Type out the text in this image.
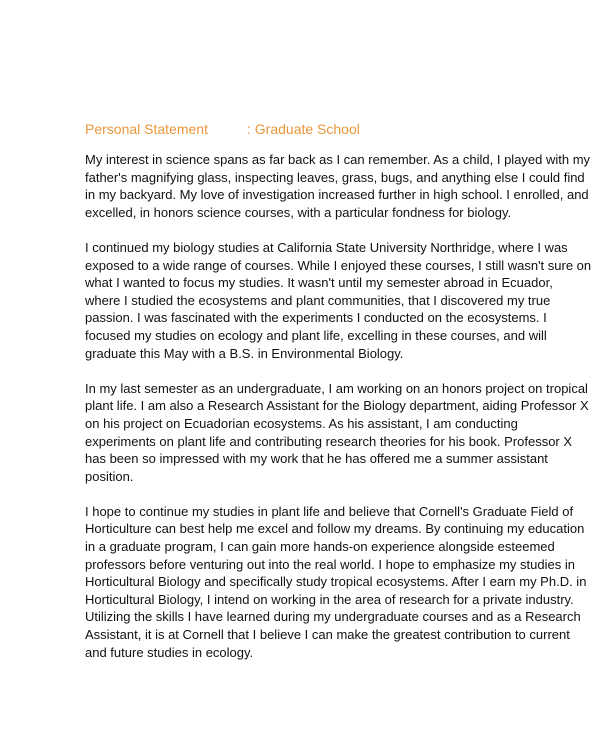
Personal Statement	: Graduate School

My interest in science spans as far back as I can remember. As a child, I played with my
father's magnifying glass, inspecting leaves, grass, bugs, and anything else I could find
in my backyard. My love of investigation increased further in high school. I enrolled, and
excelled, in honors science courses, with a particular fondness for biology.

I continued my biology studies at California State University Northridge, where I was
exposed to a wide range of courses. While I enjoyed these courses, I still wasn't sure on
what I wanted to focus my studies. It wasn't until my semester abroad in Ecuador,
where I studied the ecosystems and plant communities, that I discovered my true
passion. I was fascinated with the experiments I conducted on the ecosystems. I
focused my studies on ecology and plant life, excelling in these courses, and will
graduate this May with a B.S. in Environmental Biology.

In my last semester as an undergraduate, I am working on an honors project on tropical
plant life. I am also a Research Assistant for the Biology department, aiding Professor X
on his project on Ecuadorian ecosystems. As his assistant, I am conducting
experiments on plant life and contributing research theories for his book. Professor X
has been so impressed with my work that he has offered me a summer assistant
position.

I hope to continue my studies in plant life and believe that Cornell's Graduate Field of
Horticulture can best help me excel and follow my dreams. By continuing my education
in a graduate program, I can gain more hands-on experience alongside esteemed
professors before venturing out into the real world. I hope to emphasize my studies in
Horticultural Biology and specifically study tropical ecosystems. After I earn my Ph.D. in
Horticultural Biology, I intend on working in the area of research for a private industry.
Utilizing the skills I have learned during my undergraduate courses and as a Research
Assistant, it is at Cornell that I believe I can make the greatest contribution to current
and future studies in ecology.
